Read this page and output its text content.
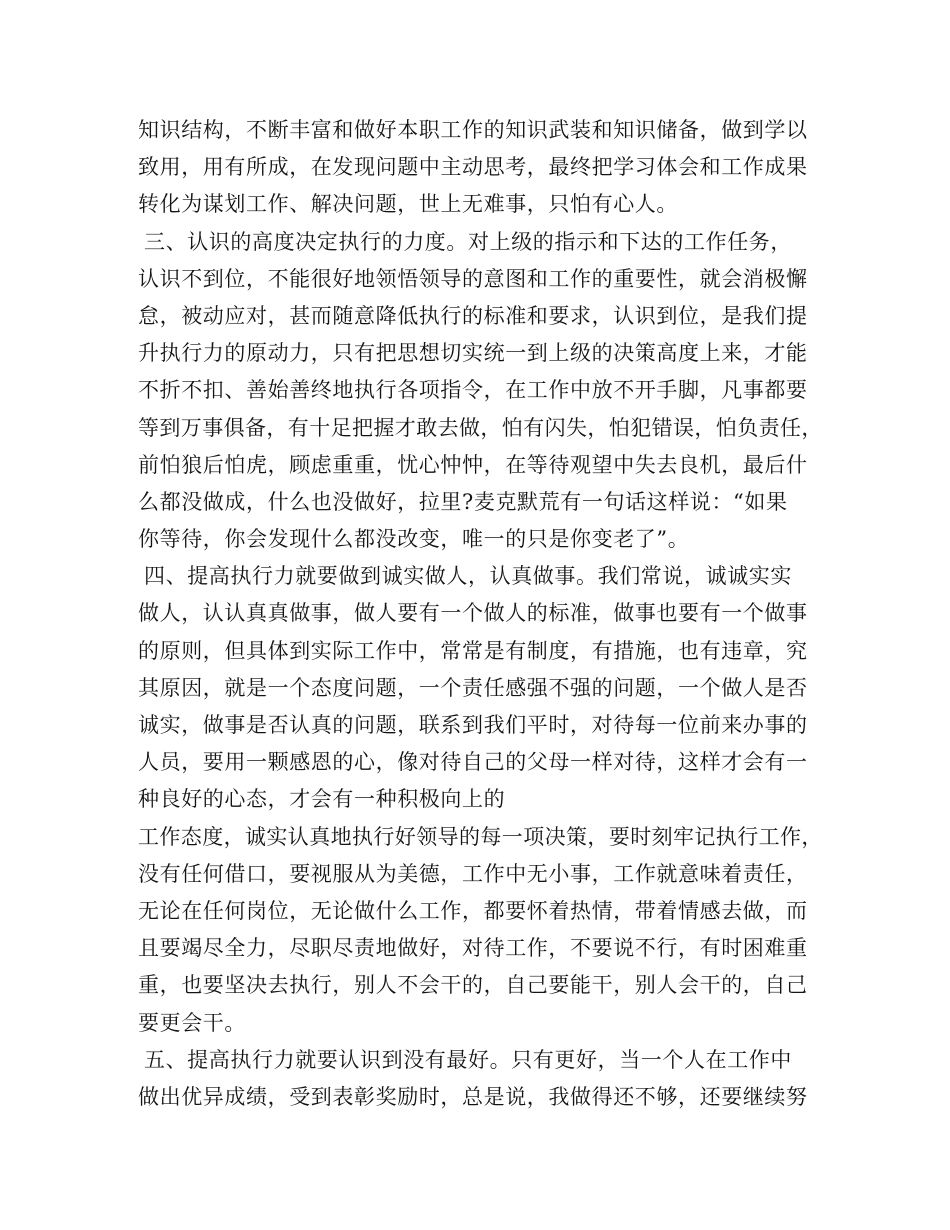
知识结构，不断丰富和做好本职工作的知识武装和知识储备，做到学以
致用，用有所成，在发现问题中主动思考，最终把学习体会和工作成果
转化为谋划工作、解决问题，世上无难事，只怕有心人。
三、认识的高度决定执行的力度。对上级的指示和下达的工作任务，
认识不到位，不能很好地领悟领导的意图和工作的重要性，就会消极懈
怠，被动应对，甚而随意降低执行的标准和要求，认识到位，是我们提
升执行力的原动力，只有把思想切实统一到上级的决策高度上来，才能
不折不扣、善始善终地执行各项指令，在工作中放不开手脚，凡事都要
等到万事俱备，有十足把握才敢去做，怕有闪失，怕犯错误，怕负责任，
前怕狼后怕虎，顾虑重重，忧心忡忡，在等待观望中失去良机，最后什
么都没做成，什么也没做好，拉里?麦克默荒有一句话这样说：“如果
你等待，你会发现什么都没改变，唯一的只是你变老了”。
四、提高执行力就要做到诚实做人，认真做事。我们常说，诚诚实实
做人，认认真真做事，做人要有一个做人的标准，做事也要有一个做事
的原则，但具体到实际工作中，常常是有制度，有措施，也有违章，究
其原因，就是一个态度问题，一个责任感强不强的问题，一个做人是否
诚实，做事是否认真的问题，联系到我们平时，对待每一位前来办事的
人员，要用一颗感恩的心，像对待自己的父母一样对待，这样才会有一
种良好的心态，才会有一种积极向上的
工作态度，诚实认真地执行好领导的每一项决策，要时刻牢记执行工作，
没有任何借口，要视服从为美德，工作中无小事，工作就意味着责任，
无论在任何岗位，无论做什么工作，都要怀着热情，带着情感去做，而
且要竭尽全力，尽职尽责地做好，对待工作，不要说不行，有时困难重
重，也要坚决去执行，别人不会干的，自己要能干，别人会干的，自己
要更会干。
五、提高执行力就要认识到没有最好。只有更好，当一个人在工作中
做出优异成绩，受到表彰奖励时，总是说，我做得还不够，还要继续努
